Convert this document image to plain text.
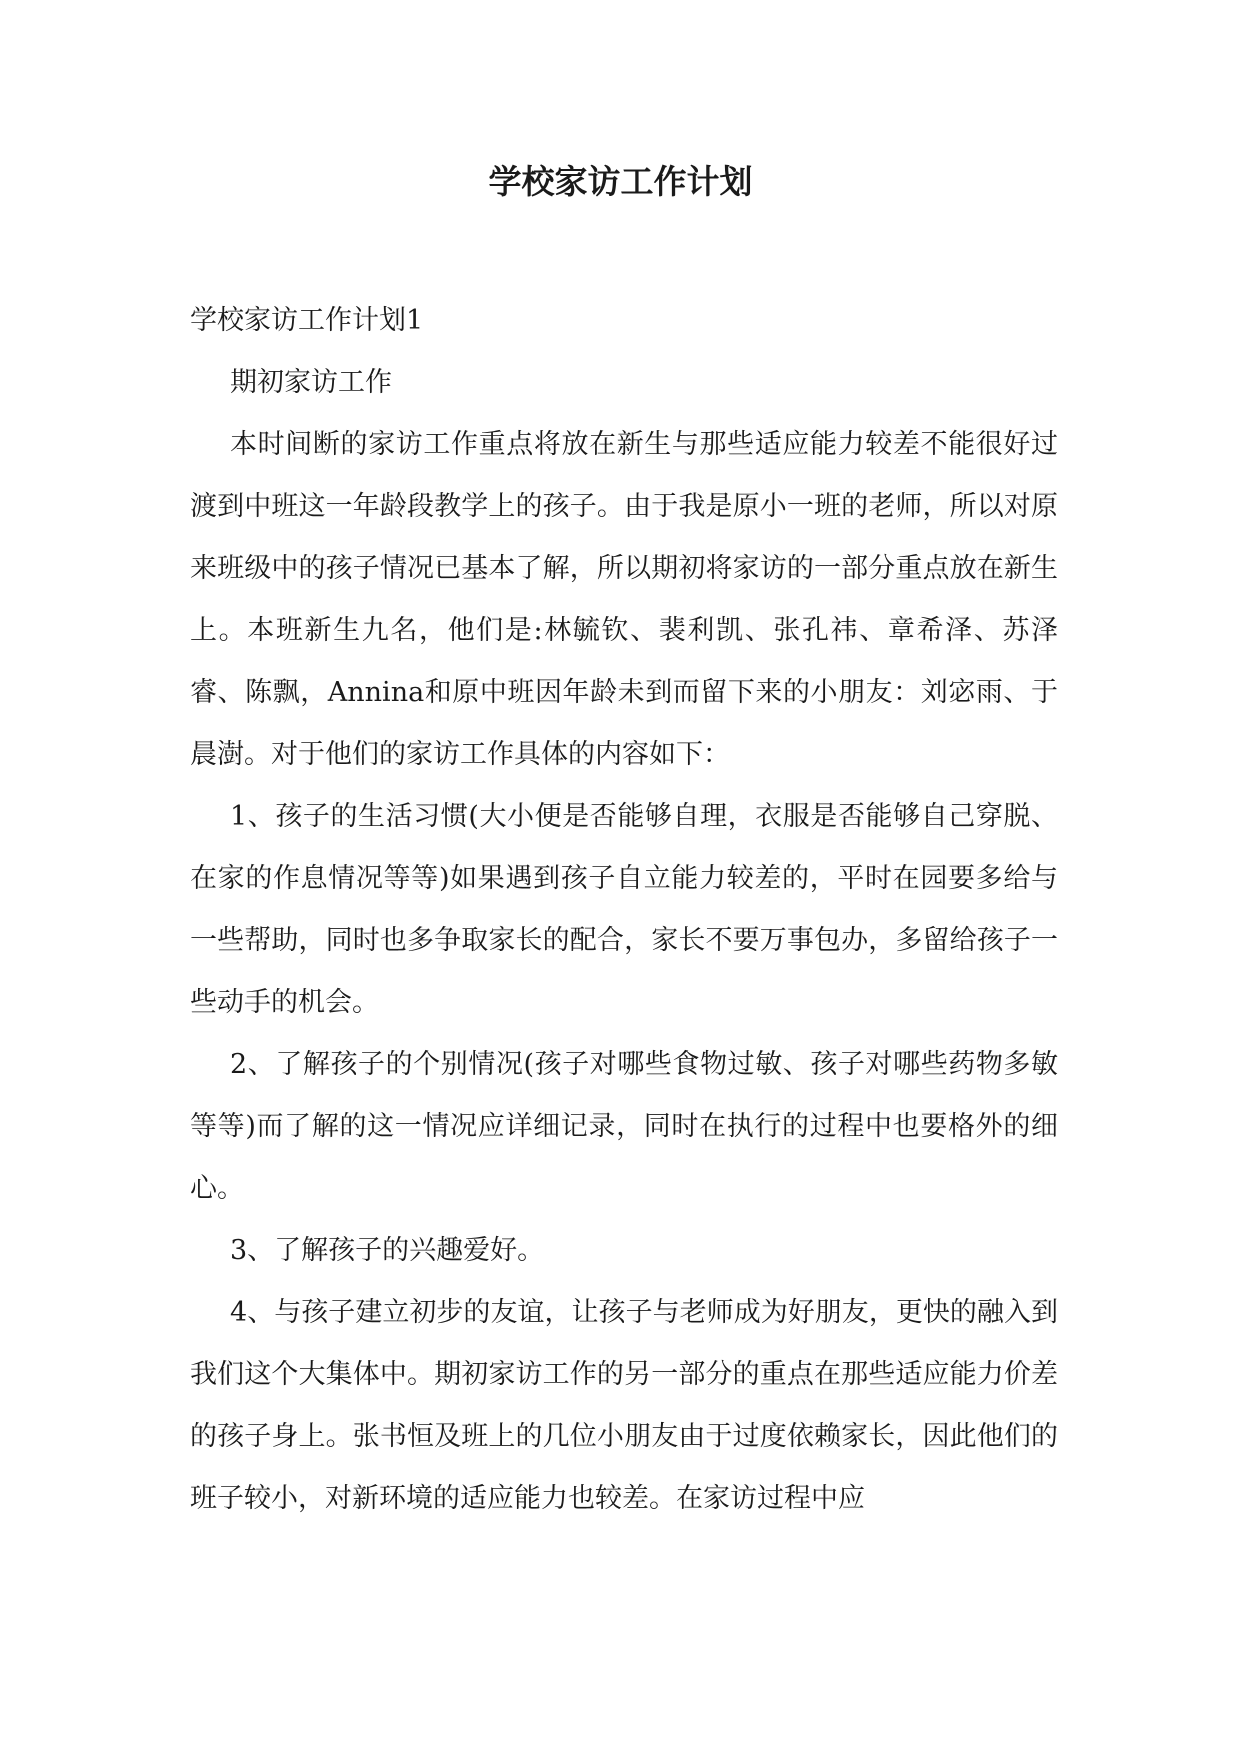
学校家访工作计划

学校家访工作计划1

期初家访工作

本时间断的家访工作重点将放在新生与那些适应能力较差不能很好过渡到中班这一年龄段教学上的孩子。由于我是原小一班的老师，所以对原来班级中的孩子情况已基本了解，所以期初将家访的一部分重点放在新生上。本班新生九名，他们是:林毓钦、裴利凯、张孔祎、章希泽、苏泽睿、陈飘，Annina和原中班因年龄未到而留下来的小朋友：刘宓雨、于晨澍。对于他们的家访工作具体的内容如下：

1、孩子的生活习惯(大小便是否能够自理，衣服是否能够自己穿脱、在家的作息情况等等)如果遇到孩子自立能力较差的，平时在园要多给与一些帮助，同时也多争取家长的配合，家长不要万事包办，多留给孩子一些动手的机会。

2、了解孩子的个别情况(孩子对哪些食物过敏、孩子对哪些药物多敏等等)而了解的这一情况应详细记录，同时在执行的过程中也要格外的细心。

3、了解孩子的兴趣爱好。

4、与孩子建立初步的友谊，让孩子与老师成为好朋友，更快的融入到我们这个大集体中。期初家访工作的另一部分的重点在那些适应能力价差的孩子身上。张书恒及班上的几位小朋友由于过度依赖家长，因此他们的班子较小，对新环境的适应能力也较差。在家访过程中应
